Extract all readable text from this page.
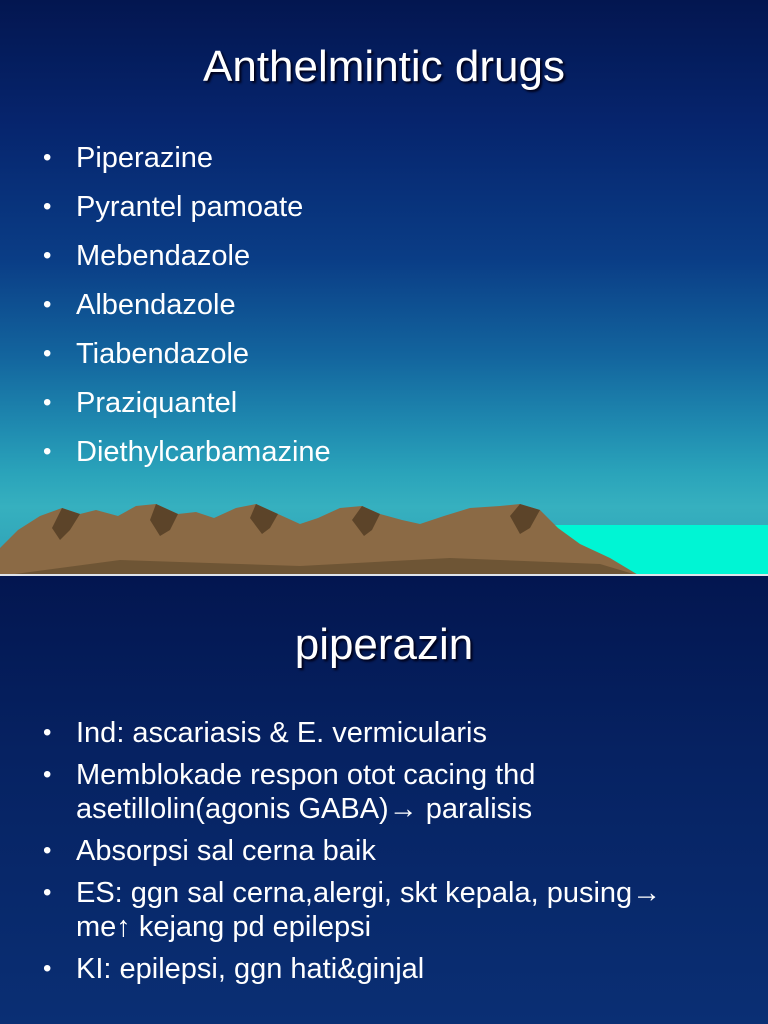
Anthelmintic drugs
• Piperazine
• Pyrantel pamoate
• Mebendazole
• Albendazole
• Tiabendazole
• Praziquantel
• Diethylcarbamazine
piperazin
• Ind: ascariasis & E. vermicularis
• Memblokade respon otot cacing thd asetillolin(agonis GABA)→ paralisis
• Absorpsi sal cerna baik
• ES: ggn sal cerna,alergi, skt kepala, pusing→ me↑ kejang pd epilepsi
• KI: epilepsi, ggn hati&ginjal
